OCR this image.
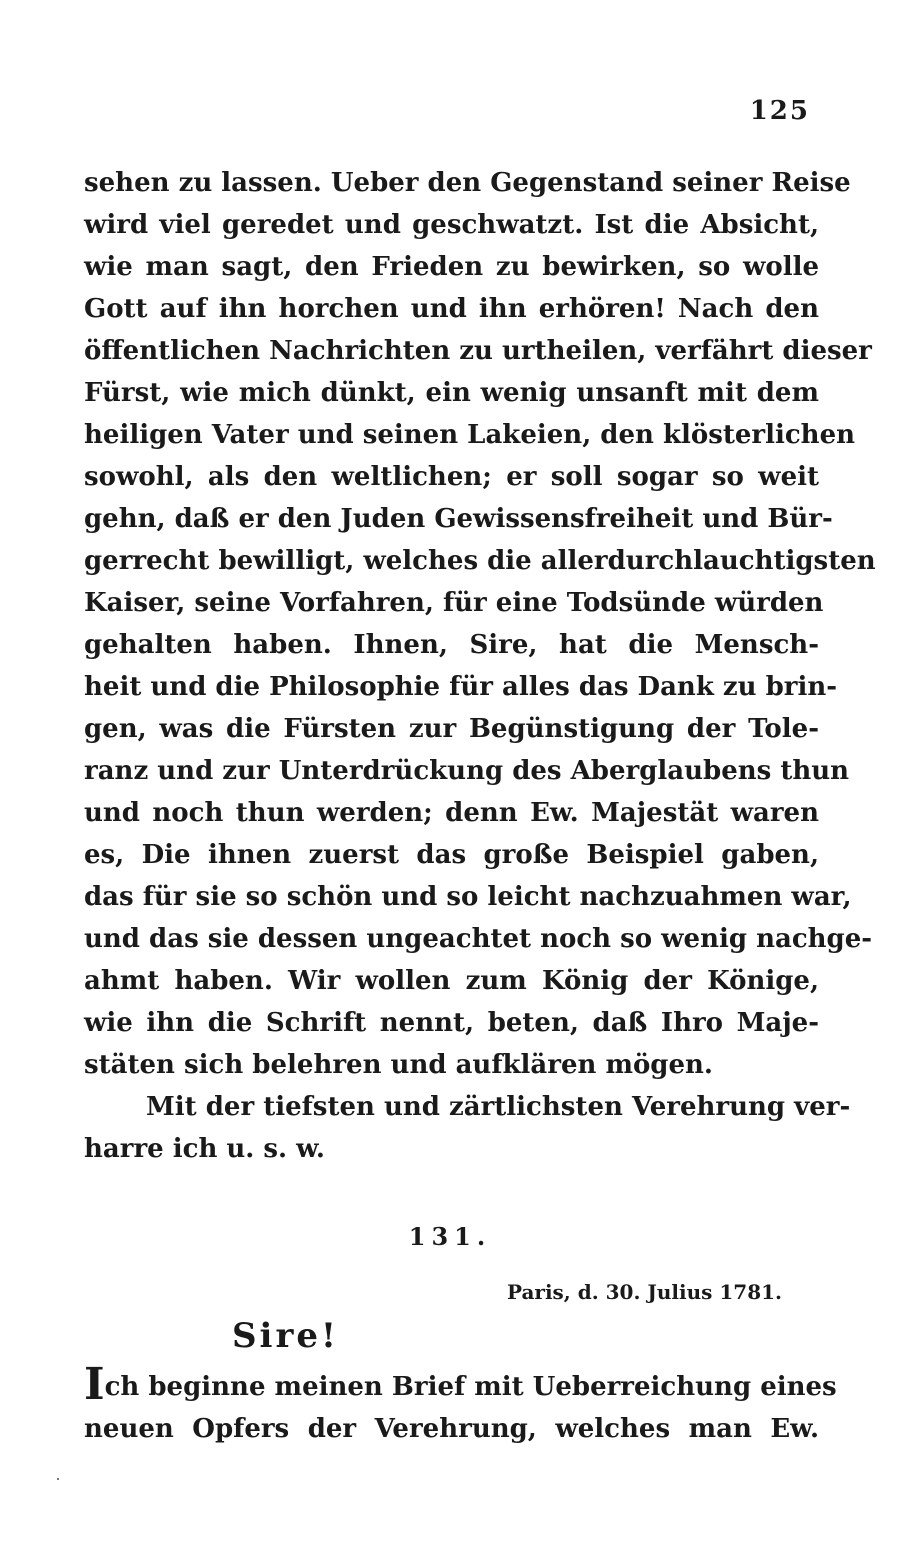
125
sehen zu lassen. Ueber den Gegenstand seiner Reise
wird viel geredet und geschwatzt. Ist die Absicht,
wie man sagt, den Frieden zu bewirken, so wolle
Gott auf ihn horchen und ihn erhören! Nach den
öffentlichen Nachrichten zu urtheilen, verfährt dieser
Fürst, wie mich dünkt, ein wenig unsanft mit dem
heiligen Vater und seinen Lakeien, den klösterlichen
sowohl, als den weltlichen; er soll sogar so weit
gehn, daß er den Juden Gewissensfreiheit und Bür-
gerrecht bewilligt, welches die allerdurchlauchtigsten
Kaiser, seine Vorfahren, für eine Todsünde würden
gehalten haben. Ihnen, Sire, hat die Mensch-
heit und die Philosophie für alles das Dank zu brin-
gen, was die Fürsten zur Begünstigung der Tole-
ranz und zur Unterdrückung des Aberglaubens thun
und noch thun werden; denn Ew. Majestät waren
es, Die ihnen zuerst das große Beispiel gaben,
das für sie so schön und so leicht nachzuahmen war,
und das sie dessen ungeachtet noch so wenig nachge-
ahmt haben. Wir wollen zum König der Könige,
wie ihn die Schrift nennt, beten, daß Ihro Maje-
stäten sich belehren und aufklären mögen.
Mit der tiefsten und zärtlichsten Verehrung ver-
harre ich u. s. w.
131.
Paris, d. 30. Julius 1781.
Sire!
Ich beginne meinen Brief mit Ueberreichung eines
neuen Opfers der Verehrung, welches man Ew.
